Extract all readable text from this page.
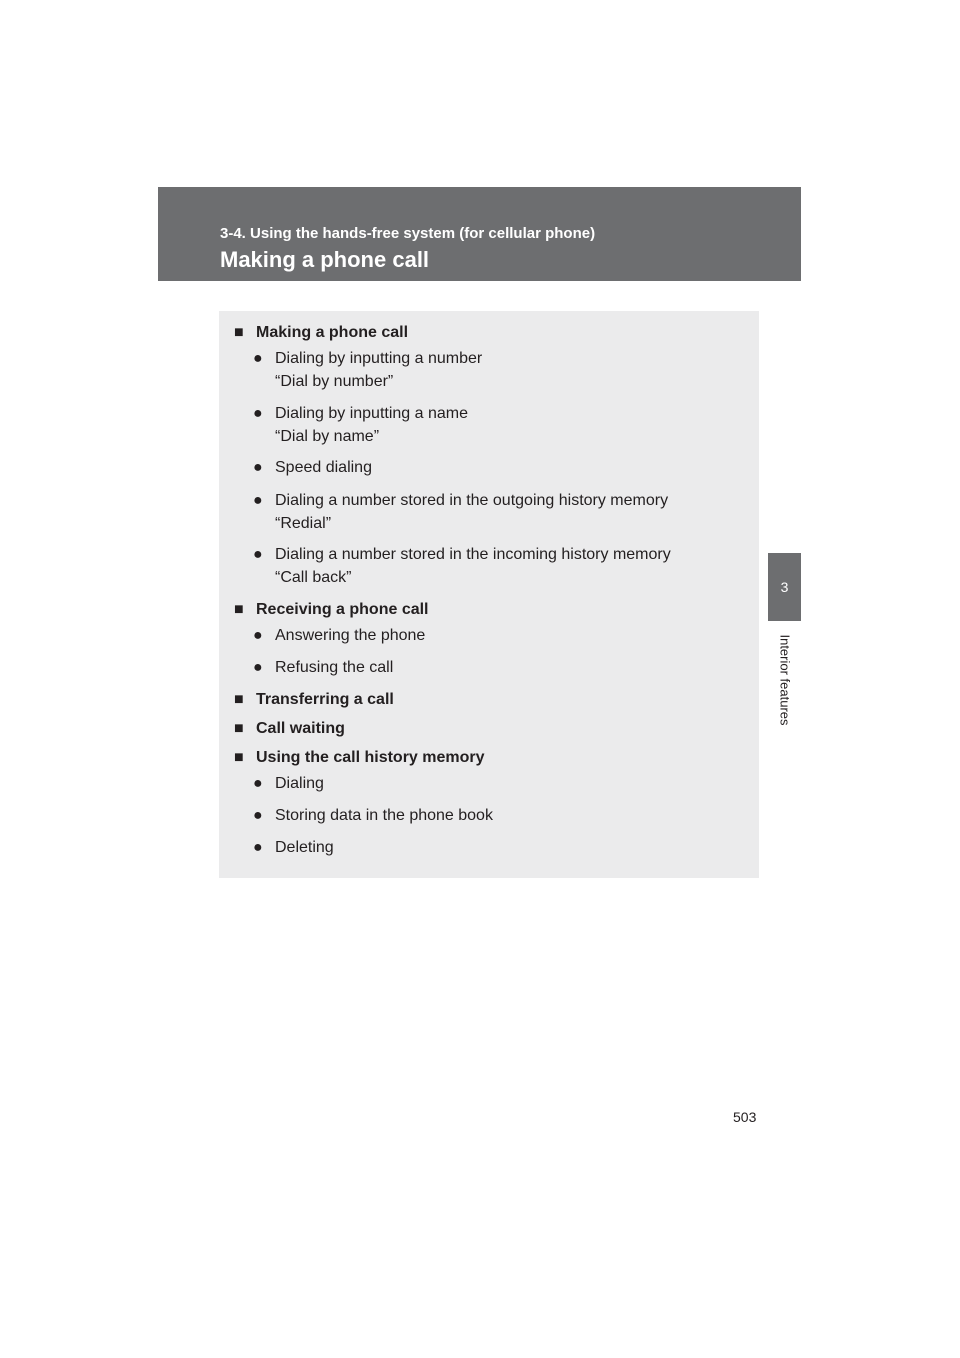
3-4. Using the hands-free system (for cellular phone)
Making a phone call
3
Interior features
■ Making a phone call
● Dialing by inputting a number
“Dial by number”
● Dialing by inputting a name
“Dial by name”
● Speed dialing
● Dialing a number stored in the outgoing history memory
“Redial”
● Dialing a number stored in the incoming history memory
“Call back”
■ Receiving a phone call
● Answering the phone
● Refusing the call
■ Transferring a call
■ Call waiting
■ Using the call history memory
● Dialing
● Storing data in the phone book
● Deleting
503
